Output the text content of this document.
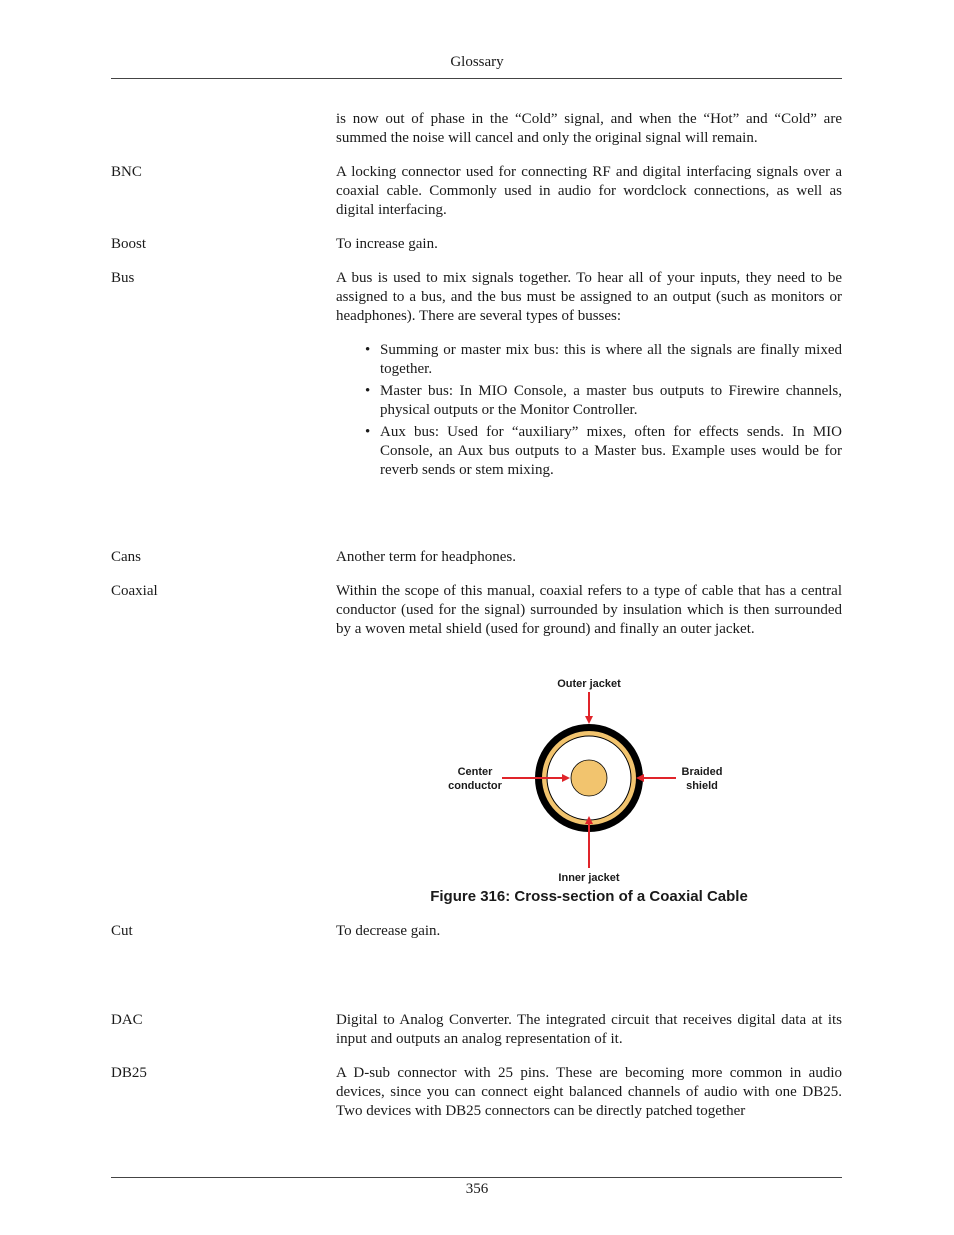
Glossary

is now out of phase in the “Cold” signal, and when the “Hot” and “Cold” are summed the noise will cancel and only the original signal will remain.

BNC	A locking connector used for connecting RF and digital interfacing signals over a coaxial cable. Commonly used in audio for wordclock connections, as well as digital interfacing.

Boost	To increase gain.

Bus	A bus is used to mix signals together. To hear all of your inputs, they need to be assigned to a bus, and the bus must be assigned to an output (such as monitors or headphones). There are several types of busses:

• Summing or master mix bus: this is where all the signals are finally mixed together.
• Master bus: In MIO Console, a master bus outputs to Firewire channels, physical outputs or the Monitor Controller.
• Aux bus: Used for “auxiliary” mixes, often for effects sends. In MIO Console, an Aux bus outputs to a Master bus. Example uses would be for reverb sends or stem mixing.
Cans	Another term for headphones.

Coaxial	Within the scope of this manual, coaxial refers to a type of cable that has a central conductor (used for the signal) surrounded by insulation which is then surrounded by a woven metal shield (used for ground) and finally an outer jacket.

Outer jacket
Center
conductor
Braided
shield
Inner jacket
Figure 316: Cross-section of a Coaxial Cable
Cut	To decrease gain.

DAC	Digital to Analog Converter. The integrated circuit that receives digital data at its input and outputs an analog representation of it.

DB25	A D-sub connector with 25 pins. These are becoming more common in audio devices, since you can connect eight balanced channels of audio with one DB25. Two devices with DB25 connectors can be directly patched together

356
